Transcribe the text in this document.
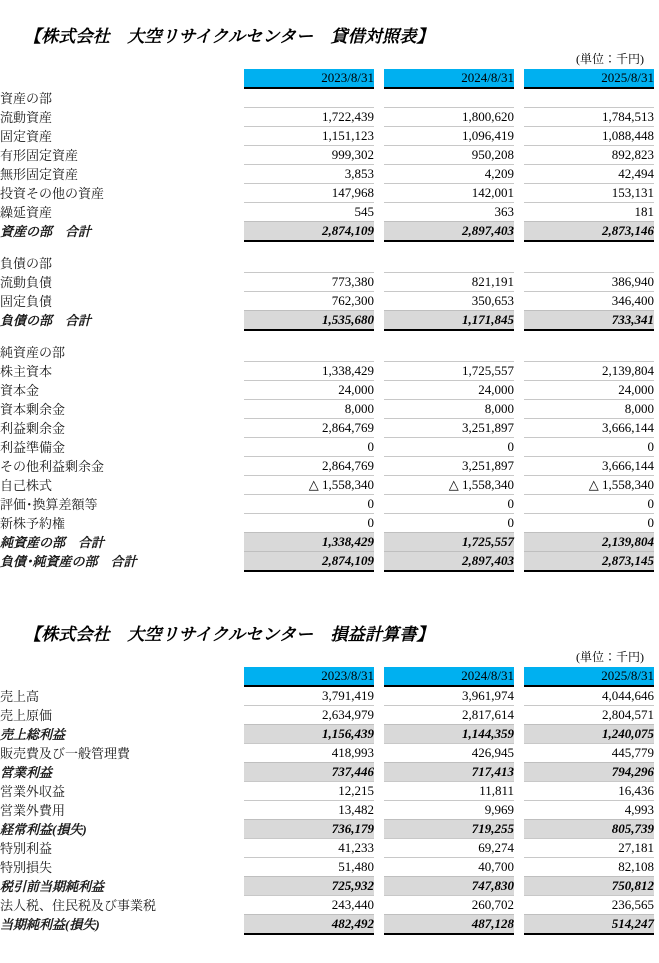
【株式会社　大空リサイクルセンター　貸借対照表】
(単位：千円)
	2023/8/31		2024/8/31		2025/8/31
資産の部					
流動資産	1,722,439		1,800,620		1,784,513
固定資産	1,151,123		1,096,419		1,088,448
有形固定資産	999,302		950,208		892,823
無形固定資産	3,853		4,209		42,494
投資その他の資産	147,968		142,001		153,131
繰延資産	545		363		181
資産の部　合計	2,874,109		2,897,403		2,873,146

負債の部					
流動負債	773,380		821,191		386,940
固定負債	762,300		350,653		346,400
負債の部　合計	1,535,680		1,171,845		733,341

純資産の部					
株主資本	1,338,429		1,725,557		2,139,804
資本金	24,000		24,000		24,000
資本剰余金	8,000		8,000		8,000
利益剰余金	2,864,769		3,251,897		3,666,144
利益準備金	0		0		0
その他利益剰余金	2,864,769		3,251,897		3,666,144
自己株式	△ 1,558,340		△ 1,558,340		△ 1,558,340
評価･換算差額等	0		0		0
新株予約権	0		0		0
純資産の部　合計	1,338,429		1,725,557		2,139,804
負債･純資産の部　合計	2,874,109		2,897,403		2,873,145
【株式会社　大空リサイクルセンター　損益計算書】
(単位：千円)
	2023/8/31		2024/8/31		2025/8/31
売上高	3,791,419		3,961,974		4,044,646
売上原価	2,634,979		2,817,614		2,804,571
売上総利益	1,156,439		1,144,359		1,240,075
販売費及び一般管理費	418,993		426,945		445,779
営業利益	737,446		717,413		794,296
営業外収益	12,215		11,811		16,436
営業外費用	13,482		9,969		4,993
経常利益(損失)	736,179		719,255		805,739
特別利益	41,233		69,274		27,181
特別損失	51,480		40,700		82,108
税引前当期純利益	725,932		747,830		750,812
法人税、住民税及び事業税	243,440		260,702		236,565
当期純利益(損失)	482,492		487,128		514,247
